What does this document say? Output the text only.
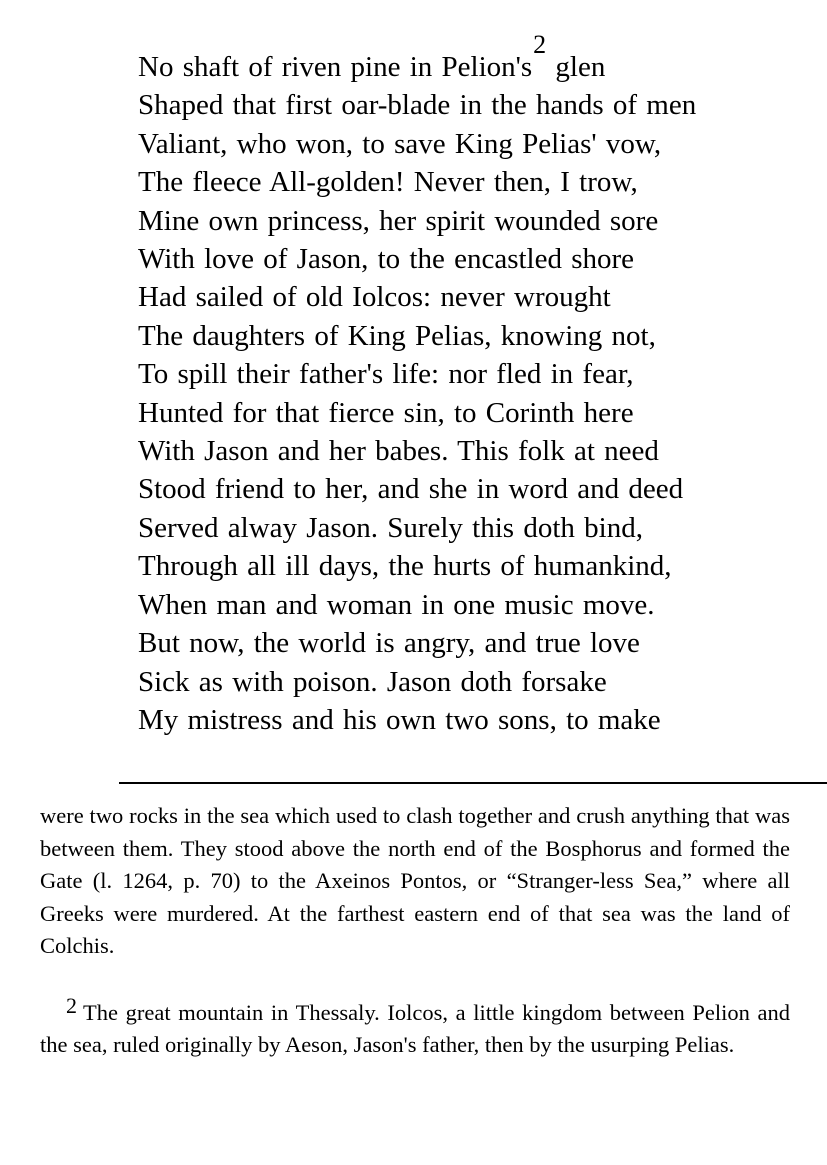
No shaft of riven pine in Pelion's$^2$ glen
Shaped that first oar-blade in the hands of men
Valiant, who won, to save King Pelias' vow,
The fleece All-golden! Never then, I trow,
Mine own princess, her spirit wounded sore
With love of Jason, to the encastled shore
Had sailed of old Iolcos: never wrought
The daughters of King Pelias, knowing not,
To spill their father's life: nor fled in fear,
Hunted for that fierce sin, to Corinth here
With Jason and her babes. This folk at need
Stood friend to her, and she in word and deed
Served alway Jason. Surely this doth bind,
Through all ill days, the hurts of humankind,
When man and woman in one music move.
But now, the world is angry, and true love
Sick as with poison. Jason doth forsake
My mistress and his own two sons, to make

were two rocks in the sea which used to clash together and crush anything that was between them. They stood above the north end of the Bosphorus and formed the Gate (l. 1264, p. 70) to the Axeinos Pontos, or “Stranger-less Sea,” where all Greeks were murdered. At the farthest eastern end of that sea was the land of Colchis.

2 The great mountain in Thessaly. Iolcos, a little kingdom between Pelion and the sea, ruled originally by Aeson, Jason's father, then by the usurping Pelias.
